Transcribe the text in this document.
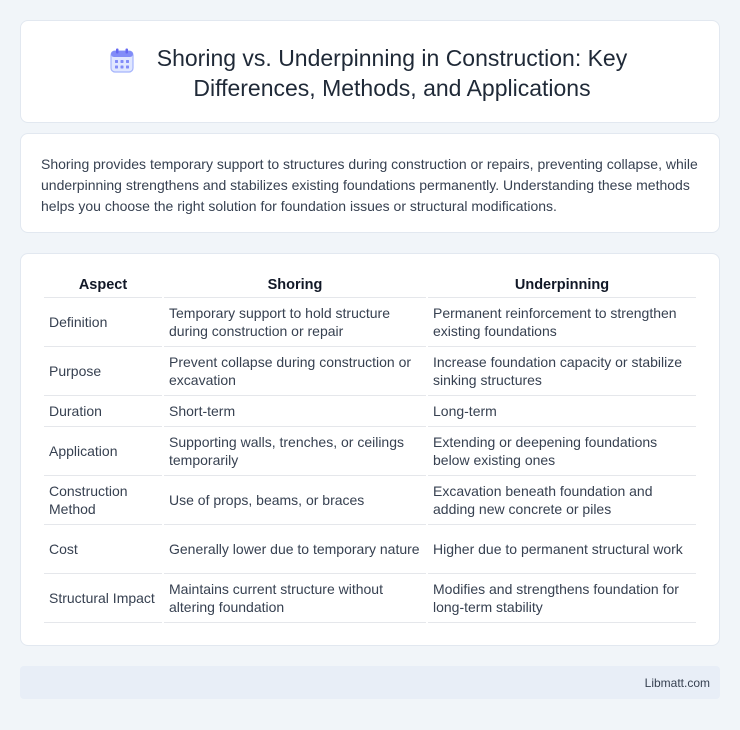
Shoring vs. Underpinning in Construction: Key Differences, Methods, and Applications

Shoring provides temporary support to structures during construction or repairs, preventing collapse, while underpinning strengthens and stabilizes existing foundations permanently. Understanding these methods helps you choose the right solution for foundation issues or structural modifications.

Aspect	Shoring	Underpinning
Definition	Temporary support to hold structure during construction or repair	Permanent reinforcement to strengthen existing foundations
Purpose	Prevent collapse during construction or excavation	Increase foundation capacity or stabilize sinking structures
Duration	Short-term	Long-term
Application	Supporting walls, trenches, or ceilings temporarily	Extending or deepening foundations below existing ones
Construction Method	Use of props, beams, or braces	Excavation beneath foundation and adding new concrete or piles
Cost	Generally lower due to temporary nature	Higher due to permanent structural work
Structural Impact	Maintains current structure without altering foundation	Modifies and strengthens foundation for long-term stability
Libmatt.com
